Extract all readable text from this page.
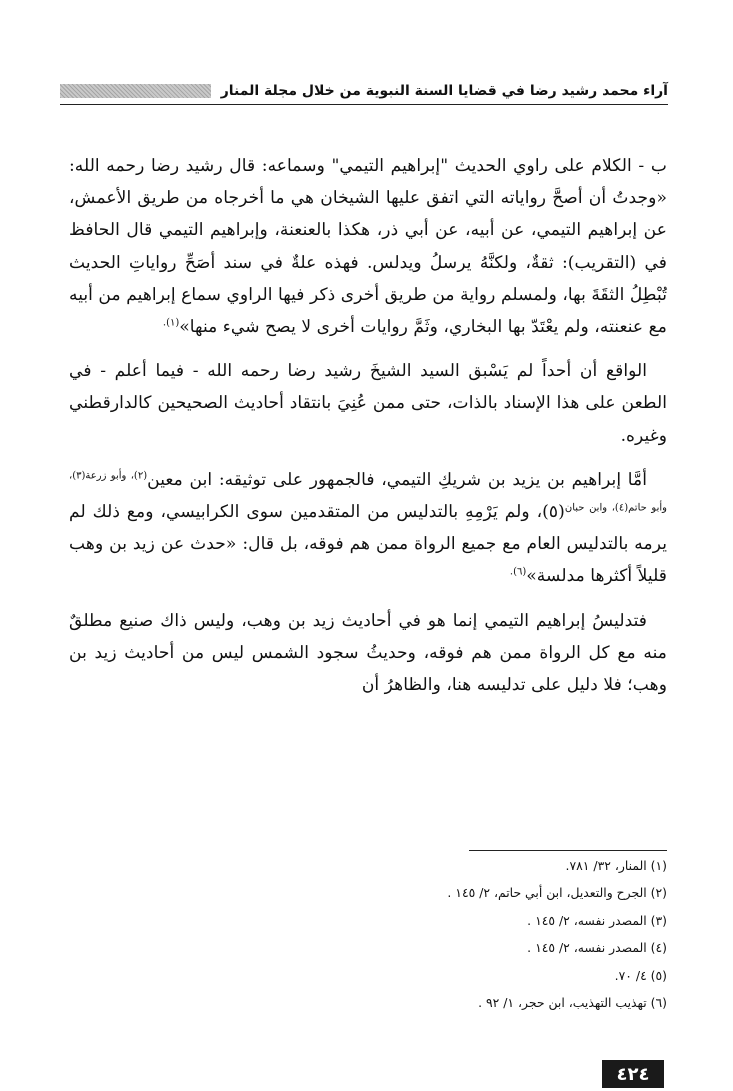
آراء محمد رشيد رضا في قضايا السنة النبوية من خلال مجلة المنار

ب - الكلام على راوي الحديث "إبراهيم التيمي" وسماعه: قال رشيد رضا رحمه الله: «وجدتُ أن أصحَّ رواياته التي اتفق عليها الشيخان هي ما أخرجاه من طريق الأعمش، عن إبراهيم التيمي، عن أبيه، عن أبي ذر، هكذا بالعنعنة، وإبراهيم التيمي قال الحافظ في (التقريب): ثقةٌ، ولكنَّهُ يرسلُ ويدلس. فهذه علةٌ في سند أصَحِّ رواياتِ الحديث تُبْطِلُ الثقَةَ بها، ولمسلم رواية من طريق أخرى ذكر فيها الراوي سماع إبراهيم من أبيه مع عنعنته، ولم يعْتَدّ بها البخاري، وثَمَّ روايات أخرى لا يصح شيء منها»$^{(١).}$

الواقع أن أحداً لم يَسْبق السيد الشيخَ رشيد رضا رحمه الله - فيما أعلم - في الطعن على هذا الإسناد بالذات، حتى ممن عُنِيَ بانتقاد أحاديث الصحيحين كالدارقطني وغيره.

أمَّا إبراهيم بن يزيد بن شريكِ التيمي، فالجمهور على توثيقه: ابن معين$^{(٢)، وأبو زرعة(٣)، وأبو حاتم(٤)، وابن حبان}$(٥)، ولم يَرْمِهِ بالتدليس من المتقدمين سوى الكرابيسي، ومع ذلك لم يرمه بالتدليس العام مع جميع الرواة ممن هم فوقه، بل قال: «حدث عن زيد بن وهب قليلاً أكثرها مدلسة»$^{(٦).}$

فتدليسُ إبراهيم التيمي إنما هو في أحاديث زيد بن وهب، وليس ذاك صنيع مطلقٌ منه مع كل الرواة ممن هم فوقه، وحديثُ سجود الشمس ليس من أحاديث زيد بن وهب؛ فلا دليل على تدليسه هنا، والظاهرُ أن

(١) المنار، ٣٢/ ٧٨١.
(٢) الجرح والتعديل، ابن أبي حاتم، ٢/ ١٤٥ .
(٣) المصدر نفسه، ٢/ ١٤٥ .
(٤) المصدر نفسه، ٢/ ١٤٥ .
(٥) ٤/ ٧٠.
(٦) تهذيب التهذيب، ابن حجر، ١/ ٩٢ .
٤٢٤
